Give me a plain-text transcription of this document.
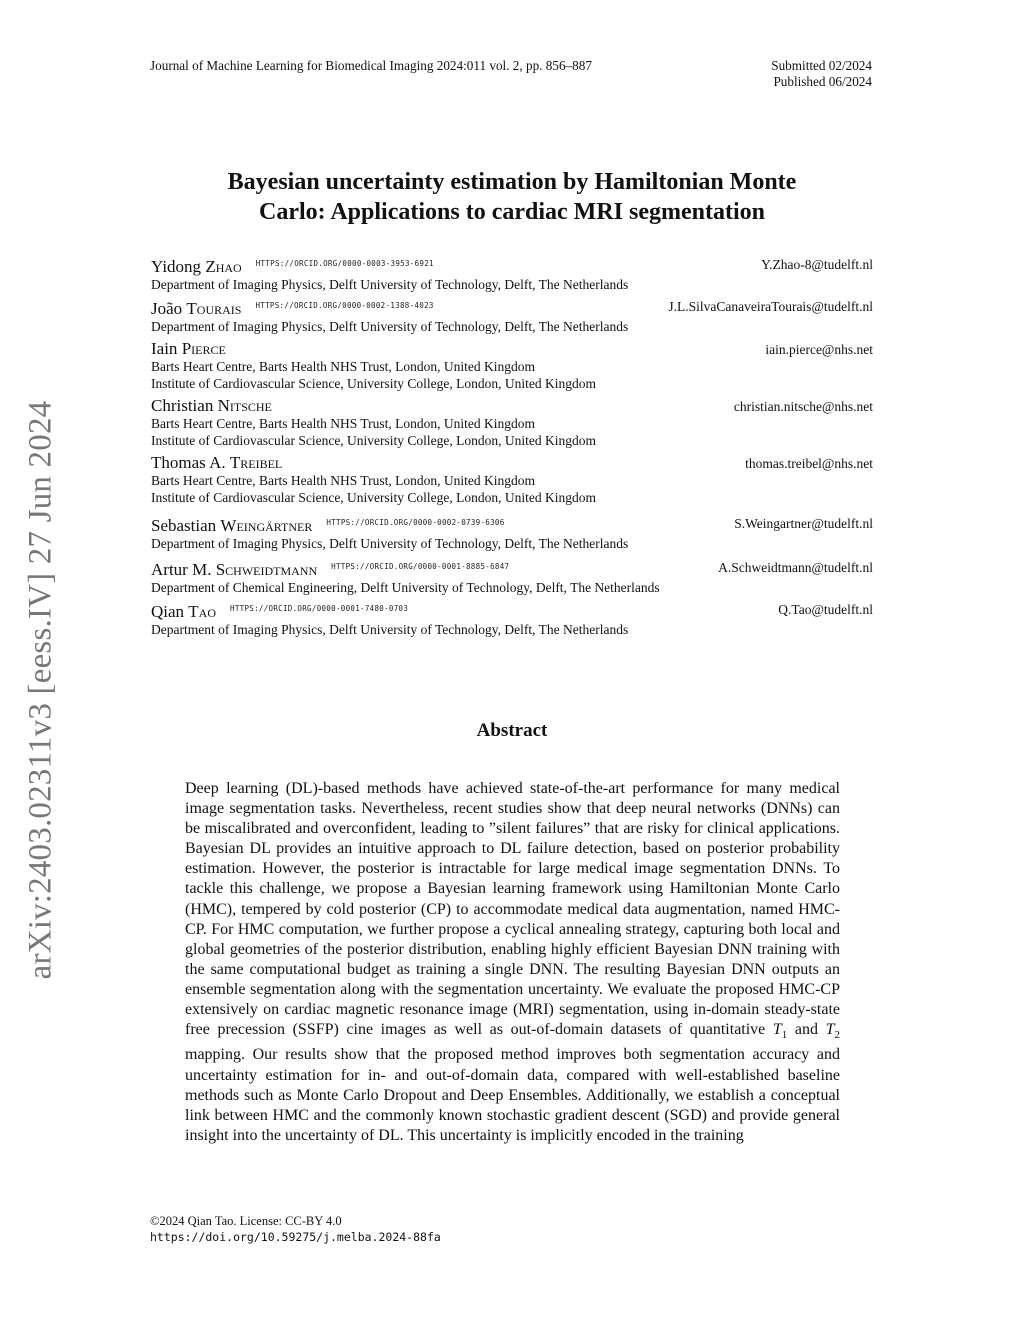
Journal of Machine Learning for Biomedical Imaging 2024:011 vol. 2, pp. 856–887	Submitted 02/2024
Published 06/2024
Bayesian uncertainty estimation by Hamiltonian Monte
Carlo: Applications to cardiac MRI segmentation
Yidong Zhao $^{HTTPS://ORCID.ORG/0000-0003-3953-6921}$	Y.Zhao-8@tudelft.nl
Department of Imaging Physics, Delft University of Technology, Delft, The Netherlands
João Tourais $^{HTTPS://ORCID.ORG/0000-0002-1388-4023}$	J.L.SilvaCanaveiraTourais@tudelft.nl
Department of Imaging Physics, Delft University of Technology, Delft, The Netherlands
Iain Pierce	iain.pierce@nhs.net
Barts Heart Centre, Barts Health NHS Trust, London, United Kingdom
Institute of Cardiovascular Science, University College, London, United Kingdom
Christian Nitsche	christian.nitsche@nhs.net
Barts Heart Centre, Barts Health NHS Trust, London, United Kingdom
Institute of Cardiovascular Science, University College, London, United Kingdom
Thomas A. Treibel	thomas.treibel@nhs.net
Barts Heart Centre, Barts Health NHS Trust, London, United Kingdom
Institute of Cardiovascular Science, University College, London, United Kingdom
Sebastian Weingärtner $^{HTTPS://ORCID.ORG/0000-0002-0739-6306}$	S.Weingartner@tudelft.nl
Department of Imaging Physics, Delft University of Technology, Delft, The Netherlands
Artur M. Schweidtmann $^{HTTPS://ORCID.ORG/0000-0001-8885-6847}$	A.Schweidtmann@tudelft.nl
Department of Chemical Engineering, Delft University of Technology, Delft, The Netherlands
Qian Tao $^{HTTPS://ORCID.ORG/0000-0001-7480-0703}$	Q.Tao@tudelft.nl
Department of Imaging Physics, Delft University of Technology, Delft, The Netherlands
arXiv:2403.02311v3 [eess.IV] 27 Jun 2024	Abstract
Deep learning (DL)-based methods have achieved state-of-the-art performance for many medical image segmentation tasks. Nevertheless, recent studies show that deep neural networks (DNNs) can be miscalibrated and overconfident, leading to ”silent failures” that are risky for clinical applications. Bayesian DL provides an intuitive approach to DL failure detection, based on posterior probability estimation. However, the posterior is intractable for large medical image segmentation DNNs. To tackle this challenge, we propose a Bayesian learning framework using Hamiltonian Monte Carlo (HMC), tempered by cold posterior (CP) to accommodate medical data augmentation, named HMC-CP. For HMC computation, we further propose a cyclical annealing strategy, capturing both local and global geometries of the posterior distribution, enabling highly efficient Bayesian DNN training with the same computational budget as training a single DNN. The resulting Bayesian DNN outputs an ensemble segmentation along with the segmentation uncertainty. We evaluate the proposed HMC-CP extensively on cardiac magnetic resonance image (MRI) segmentation, using in-domain steady-state free precession (SSFP) cine images as well as out-of-domain datasets of quantitative $T_1$ and $T_2$ mapping. Our results show that the proposed method improves both segmentation accuracy and uncertainty estimation for in- and out-of-domain data, compared with well-established baseline methods such as Monte Carlo Dropout and Deep Ensembles. Additionally, we establish a conceptual link between HMC and the commonly known stochastic gradient descent (SGD) and provide general insight into the uncertainty of DL. This uncertainty is implicitly encoded in the training
©2024 Qian Tao. License: CC-BY 4.0
https://doi.org/10.59275/j.melba.2024-88fa
